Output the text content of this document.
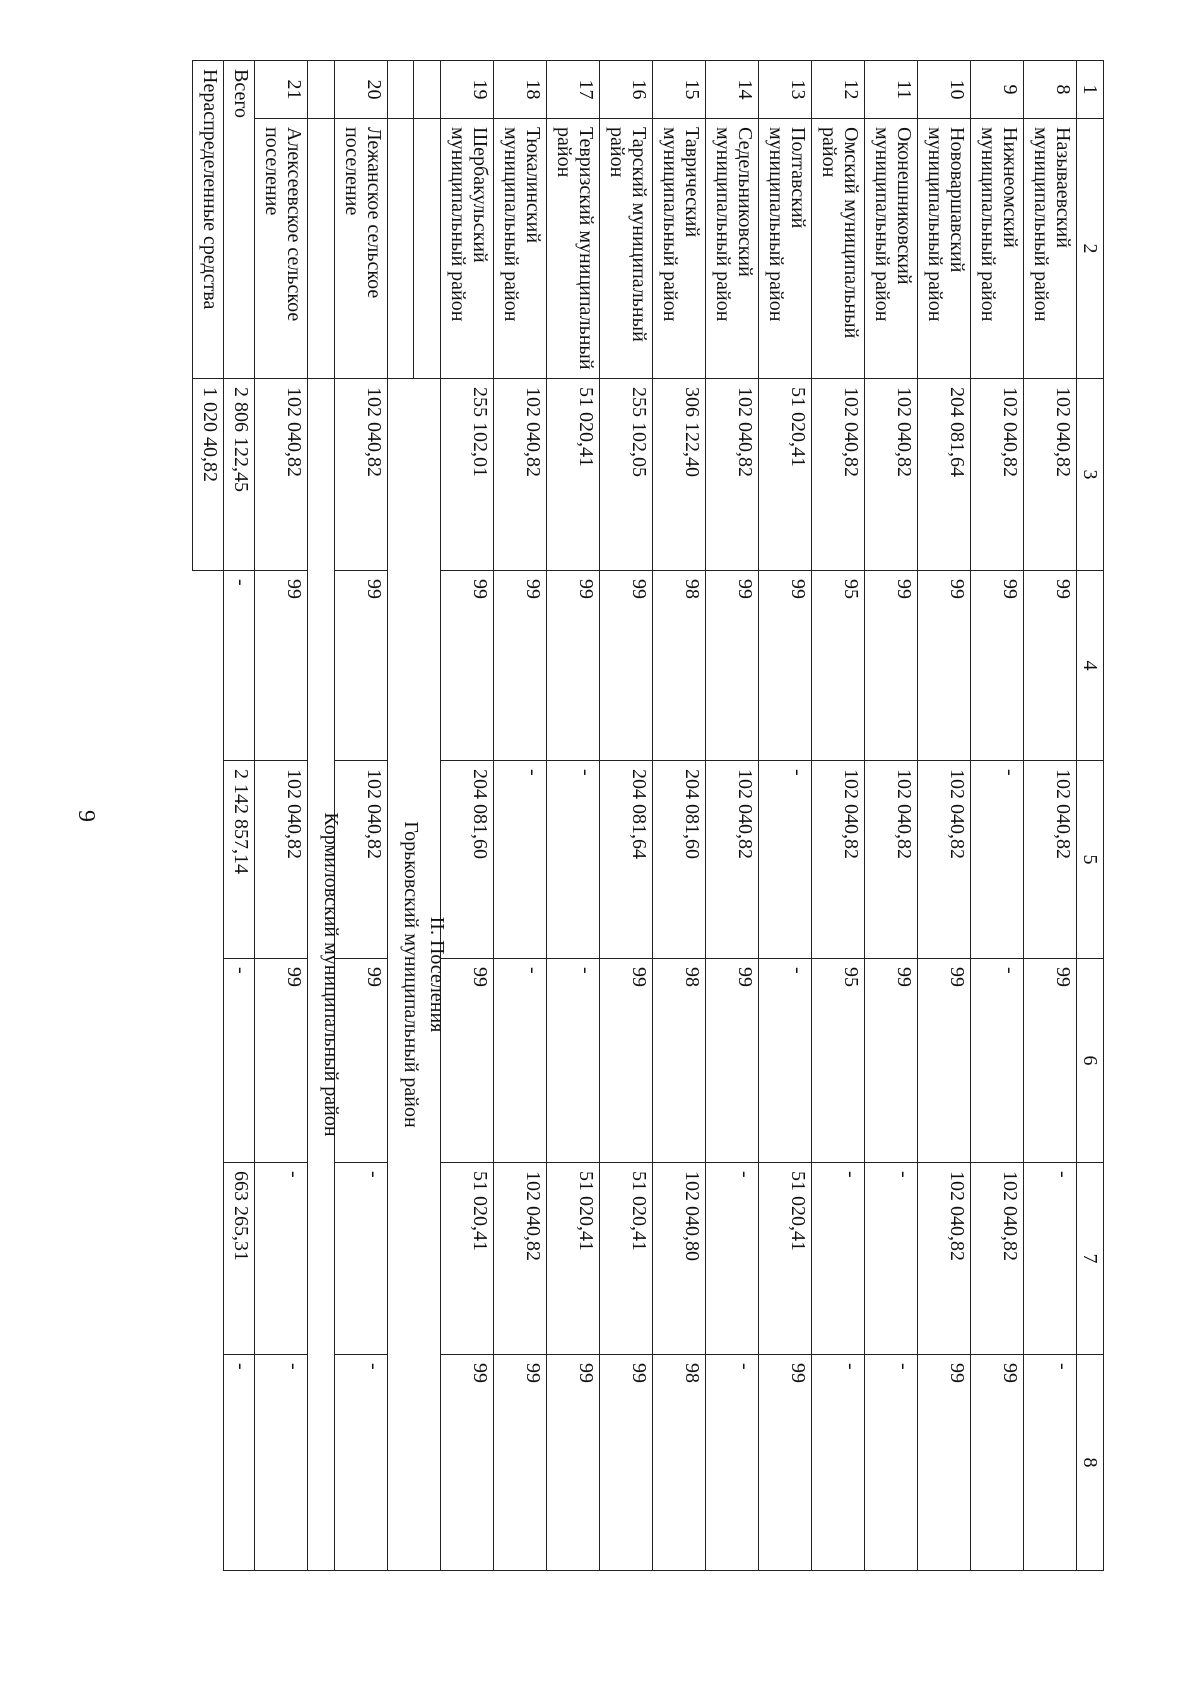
9
1	2	3	4	5	6	7	8
8	Называевский муниципальный район	102 040,82	99	102 040,82	99	-	-
9	Нижнеомский муниципальный район	102 040,82	99	-	-	102 040,82	99
10	Нововаршавский муниципальный район	204 081,64	99	102 040,82	99	102 040,82	99
11	Оконешниковский муниципальный район	102 040,82	99	102 040,82	99	-	-
12	Омский муниципальный район	102 040,82	95	102 040,82	95	-	-
13	Полтавский муниципальный район	51 020,41	99	-	-	51 020,41	99
14	Седельниковский муниципальный район	102 040,82	99	102 040,82	99	-	-
15	Таврический муниципальный район	306 122,40	98	204 081,60	98	102 040,80	98
16	Тарский муниципальный район	255 102,05	99	204 081,64	99	51 020,41	99
17	Тевризский муниципальный район	51 020,41	99	-	-	51 020,41	99
18	Тюкалинский муниципальный район	102 040,82	99	-	-	102 040,82	99
19	Шербакульский муниципальный район	255 102,01	99	204 081,60	99	51 020,41	99
		II. Поселения					
		Горьковский муниципальный район					
20	Лежанское сельское поселение	102 040,82	99	102 040,82	99	-	-
		Кормиловский муниципальный район					
21	Алексеевское сельское поселение	102 040,82	99	102 040,82	99	-	-
Всего		2 806 122,45	-	2 142 857,14	-	663 265,31	-
Нераспределенные средства		1 020 40,82					
